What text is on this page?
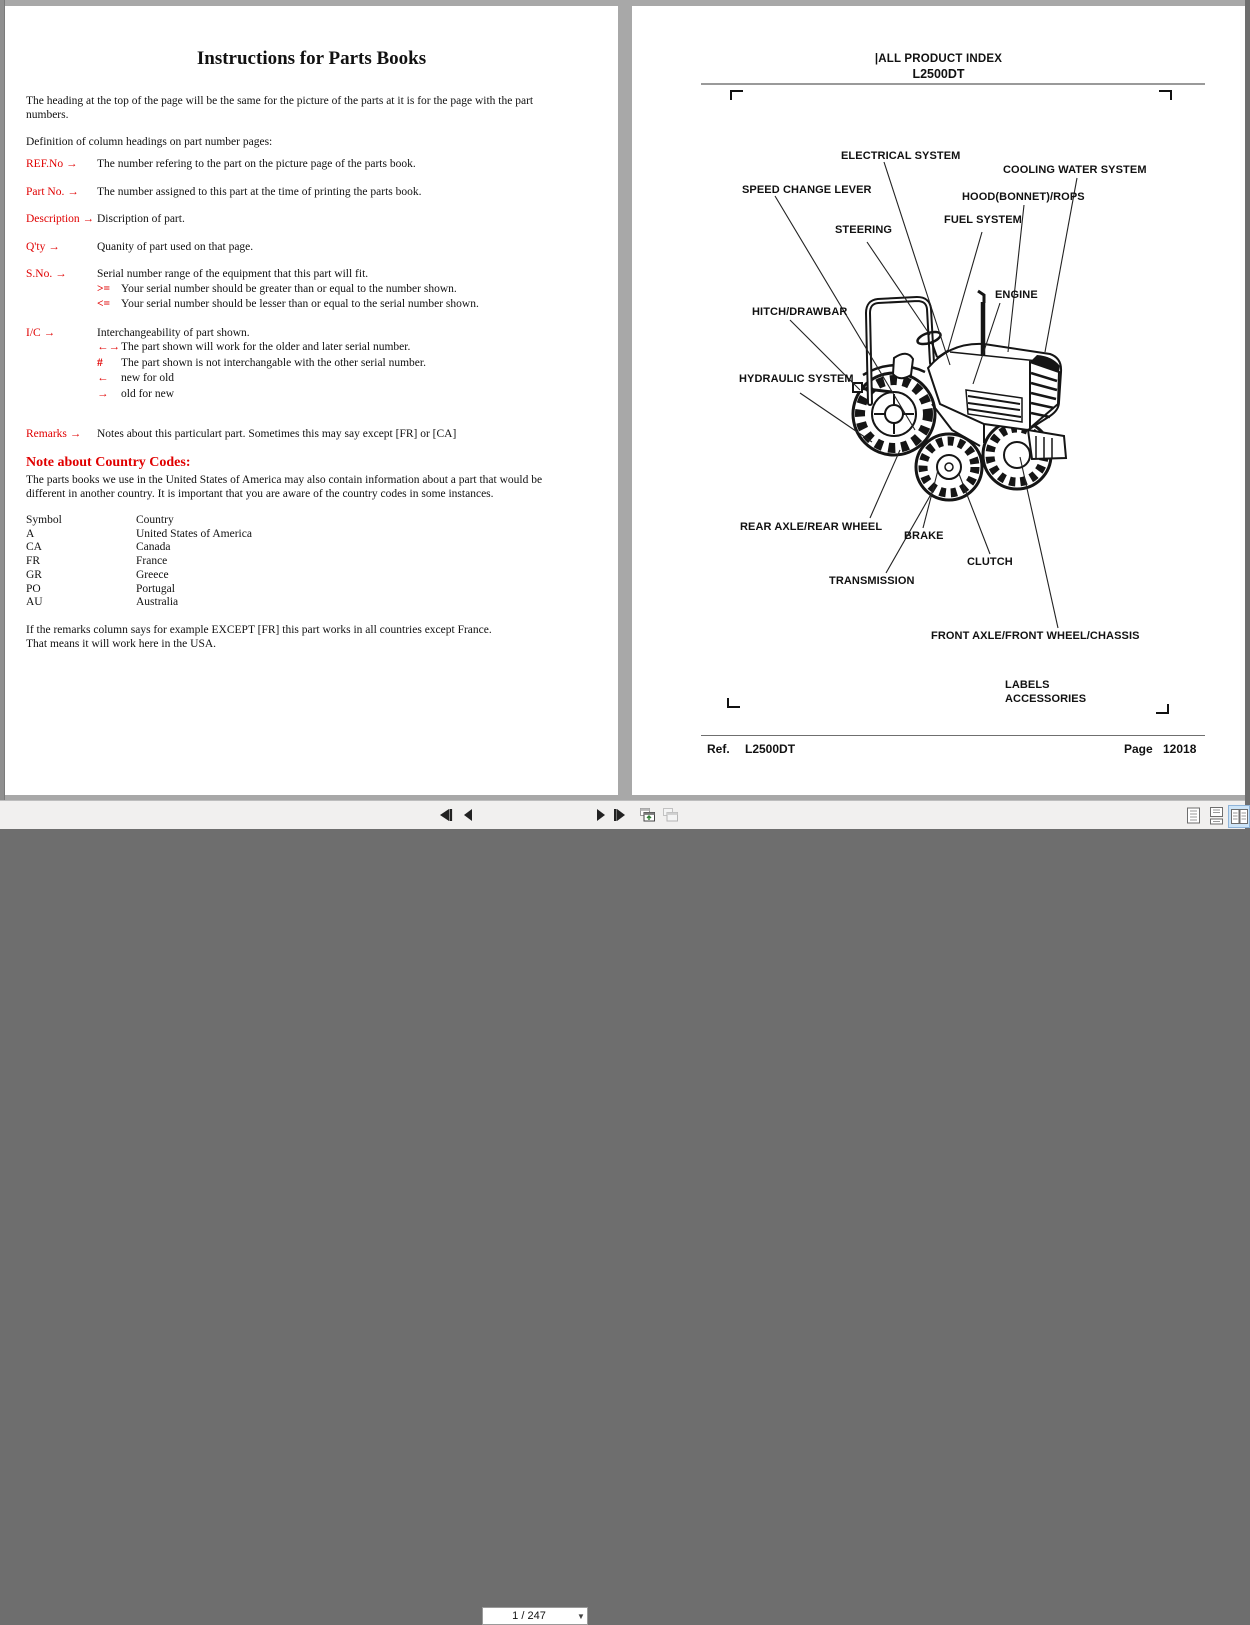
Instructions for Parts Books
The heading at the top of the page will be the same for the picture of the parts at it is for the page with the part numbers.
Definition of column headings on part number pages:
REF.No → The number refering to the part on the picture page of the parts book.
Part No. → The number assigned to this part at the time of printing the parts book.
Description → Discription of part.
Q'ty →	Quanity of part used on that page.
S.No. →	Serial number range of the equipment that this part will fit.
>= Your serial number should be greater than or equal to the number shown.
<= Your serial number should be lesser than or equal to the serial number shown.
I/C →	Interchangeability of part shown.
←→The part shown will work for the older and later serial number.
# The part shown is not interchangable with the other serial number.
← new for old
→ old for new
Remarks → Notes about this particulart part. Sometimes this may say except [FR] or [CA]
Note about Country Codes:
The parts books we use in the United States of America may also contain information about a part that would be different in another country. It is important that you are aware of the country codes in some instances.
Symbol	Country
A	United States of America
CA	Canada
FR	France
GR	Greece
PO	Portugal
AU	Australia
If the remarks column says for example EXCEPT [FR] this part works in all countries except France.
That means it will work here in the USA.
|ALL PRODUCT INDEX
L2500DT
ELECTRICAL SYSTEM
COOLING WATER SYSTEM
SPEED CHANGE LEVER
HOOD(BONNET)/ROPS
FUEL SYSTEM
STEERING
ENGINE
HITCH/DRAWBAR
HYDRAULIC SYSTEM
REAR AXLE/REAR WHEEL
BRAKE
CLUTCH
TRANSMISSION
FRONT AXLE/FRONT WHEEL/CHASSIS
LABELS
ACCESSORIES
Ref. L2500DT	Page 12018
1 / 247	▼
